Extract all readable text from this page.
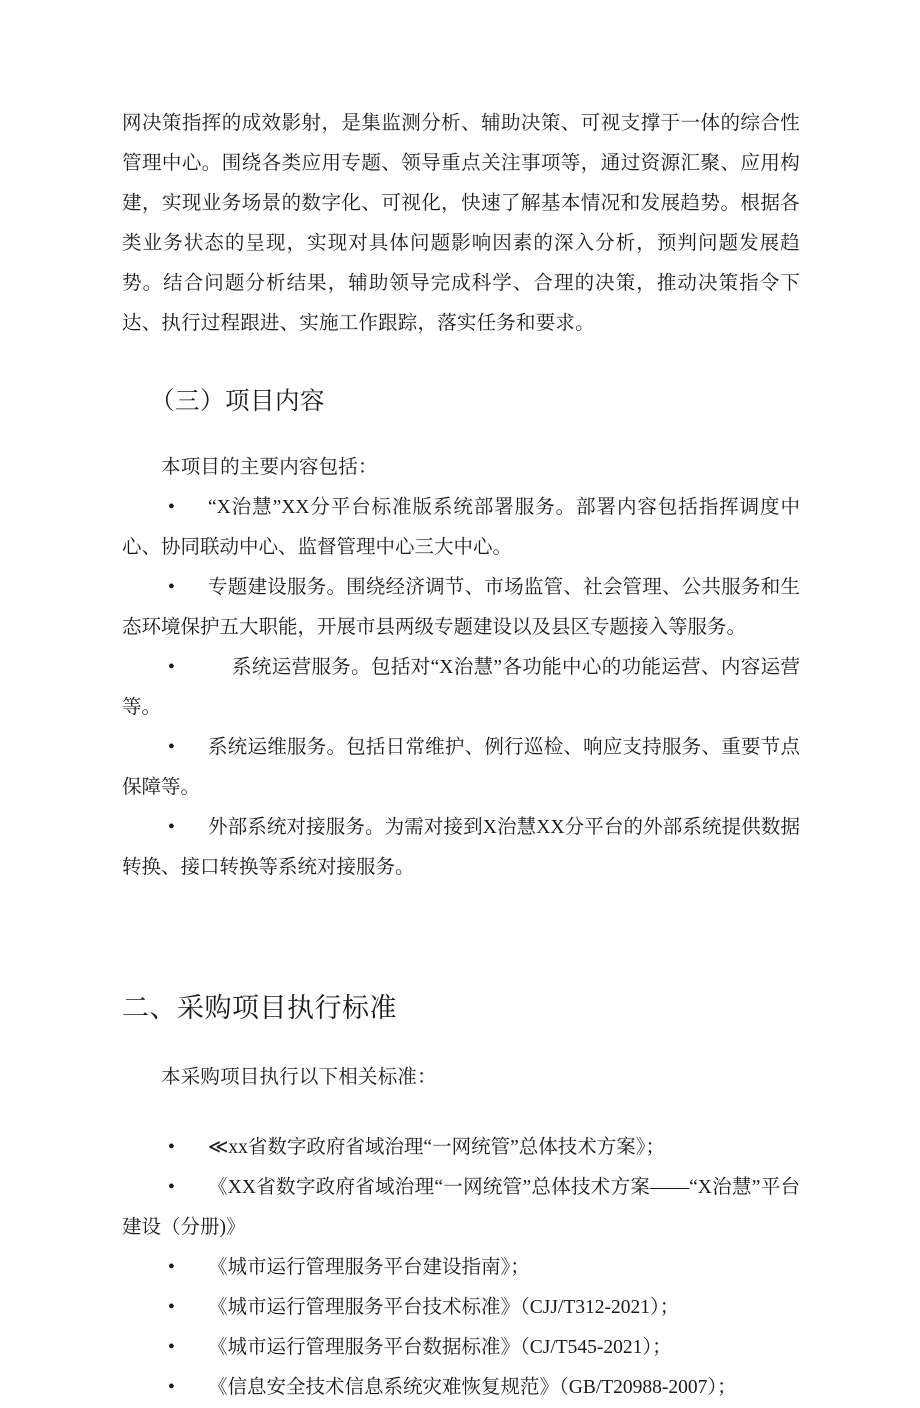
网决策指挥的成效影射，是集监测分析、辅助决策、可视支撑于一体的综合性管理中心。围绕各类应用专题、领导重点关注事项等，通过资源汇聚、应用构建，实现业务场景的数字化、可视化，快速了解基本情况和发展趋势。根据各类业务状态的呈现，实现对具体问题影响因素的深入分析，预判问题发展趋势。结合问题分析结果，辅助领导完成科学、合理的决策，推动决策指令下达、执行过程跟进、实施工作跟踪，落实任务和要求。

（三）项目内容

本项目的主要内容包括：

•	“X治慧”XX分平台标准版系统部署服务。部署内容包括指挥调度中心、协同联动中心、监督管理中心三大中心。
•	专题建设服务。围绕经济调节、市场监管、社会管理、公共服务和生态环境保护五大职能，开展市县两级专题建设以及县区专题接入等服务。
•	系统运营服务。包括对“X治慧”各功能中心的功能运营、内容运营等。
•	系统运维服务。包括日常维护、例行巡检、响应支持服务、重要节点保障等。
•	外部系统对接服务。为需对接到X治慧XX分平台的外部系统提供数据转换、接口转换等系统对接服务。
二、采购项目执行标准

本采购项目执行以下相关标准：

•	≪xx省数字政府省域治理“一网统管”总体技术方案》；
•	《XX省数字政府省域治理“一网统管”总体技术方案——“X治慧”平台建设（分册)》
•	《城市运行管理服务平台建设指南》；
•	《城市运行管理服务平台技术标准》（CJJ/T312-2021）；
•	《城市运行管理服务平台数据标准》（CJ/T545-2021）；
•	《信息安全技术信息系统灾难恢复规范》（GB/T20988-2007）；
